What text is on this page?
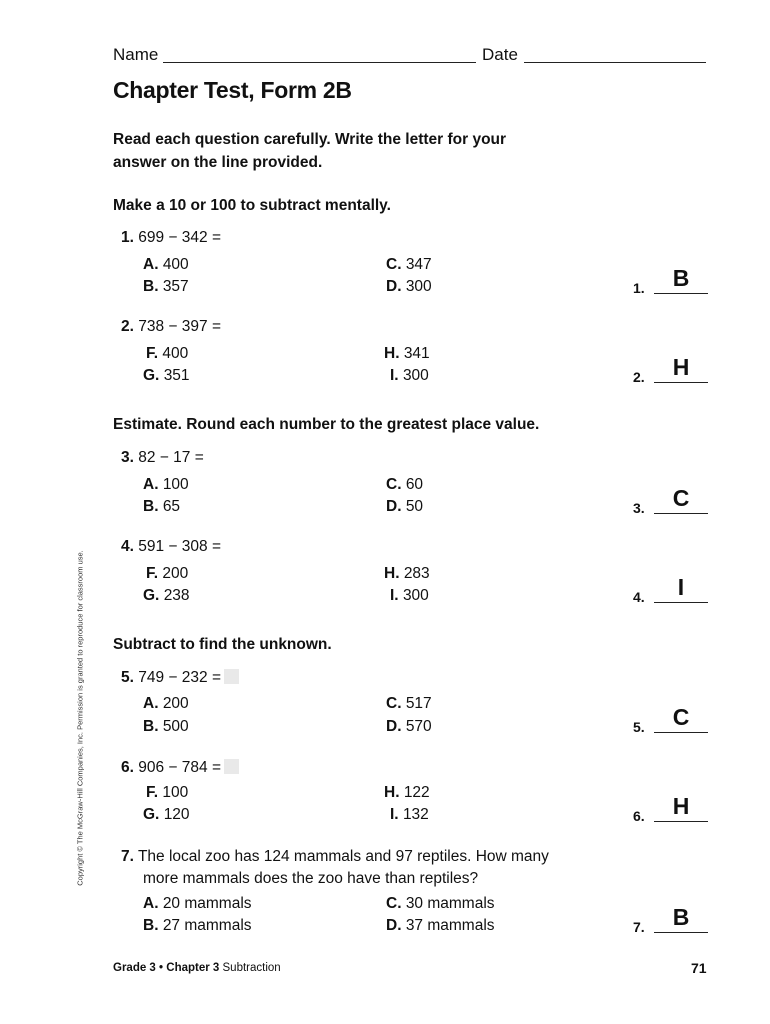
Name	Date
Chapter Test, Form 2B
Read each question carefully. Write the letter for your answer on the line provided.
Make a 10 or 100 to subtract mentally.
1. 699 − 342 =
A. 400	C. 347
B. 357	D. 300	1.	B
2. 738 − 397 =
F. 400	H. 341
G. 351	I. 300	2.	H
Estimate. Round each number to the greatest place value.
3. 82 − 17 =
A. 100	C. 60
B. 65	D. 50	3.	C
4. 591 − 308 =
F. 200	H. 283
G. 238	I. 300	4.	I
Subtract to find the unknown.
5. 749 − 232 =
A. 200	C. 517
B. 500	D. 570	5.	C
6. 906 − 784 =
F. 100	H. 122
G. 120	I. 132	6.	H
7. The local zoo has 124 mammals and 97 reptiles. How many
more mammals does the zoo have than reptiles?
A. 20 mammals	C. 30 mammals
B. 27 mammals	D. 37 mammals	7.	B
Copyright © The McGraw-Hill Companies, Inc. Permission is granted to reproduce for classroom use.
Grade 3 • Chapter 3 Subtraction	71
